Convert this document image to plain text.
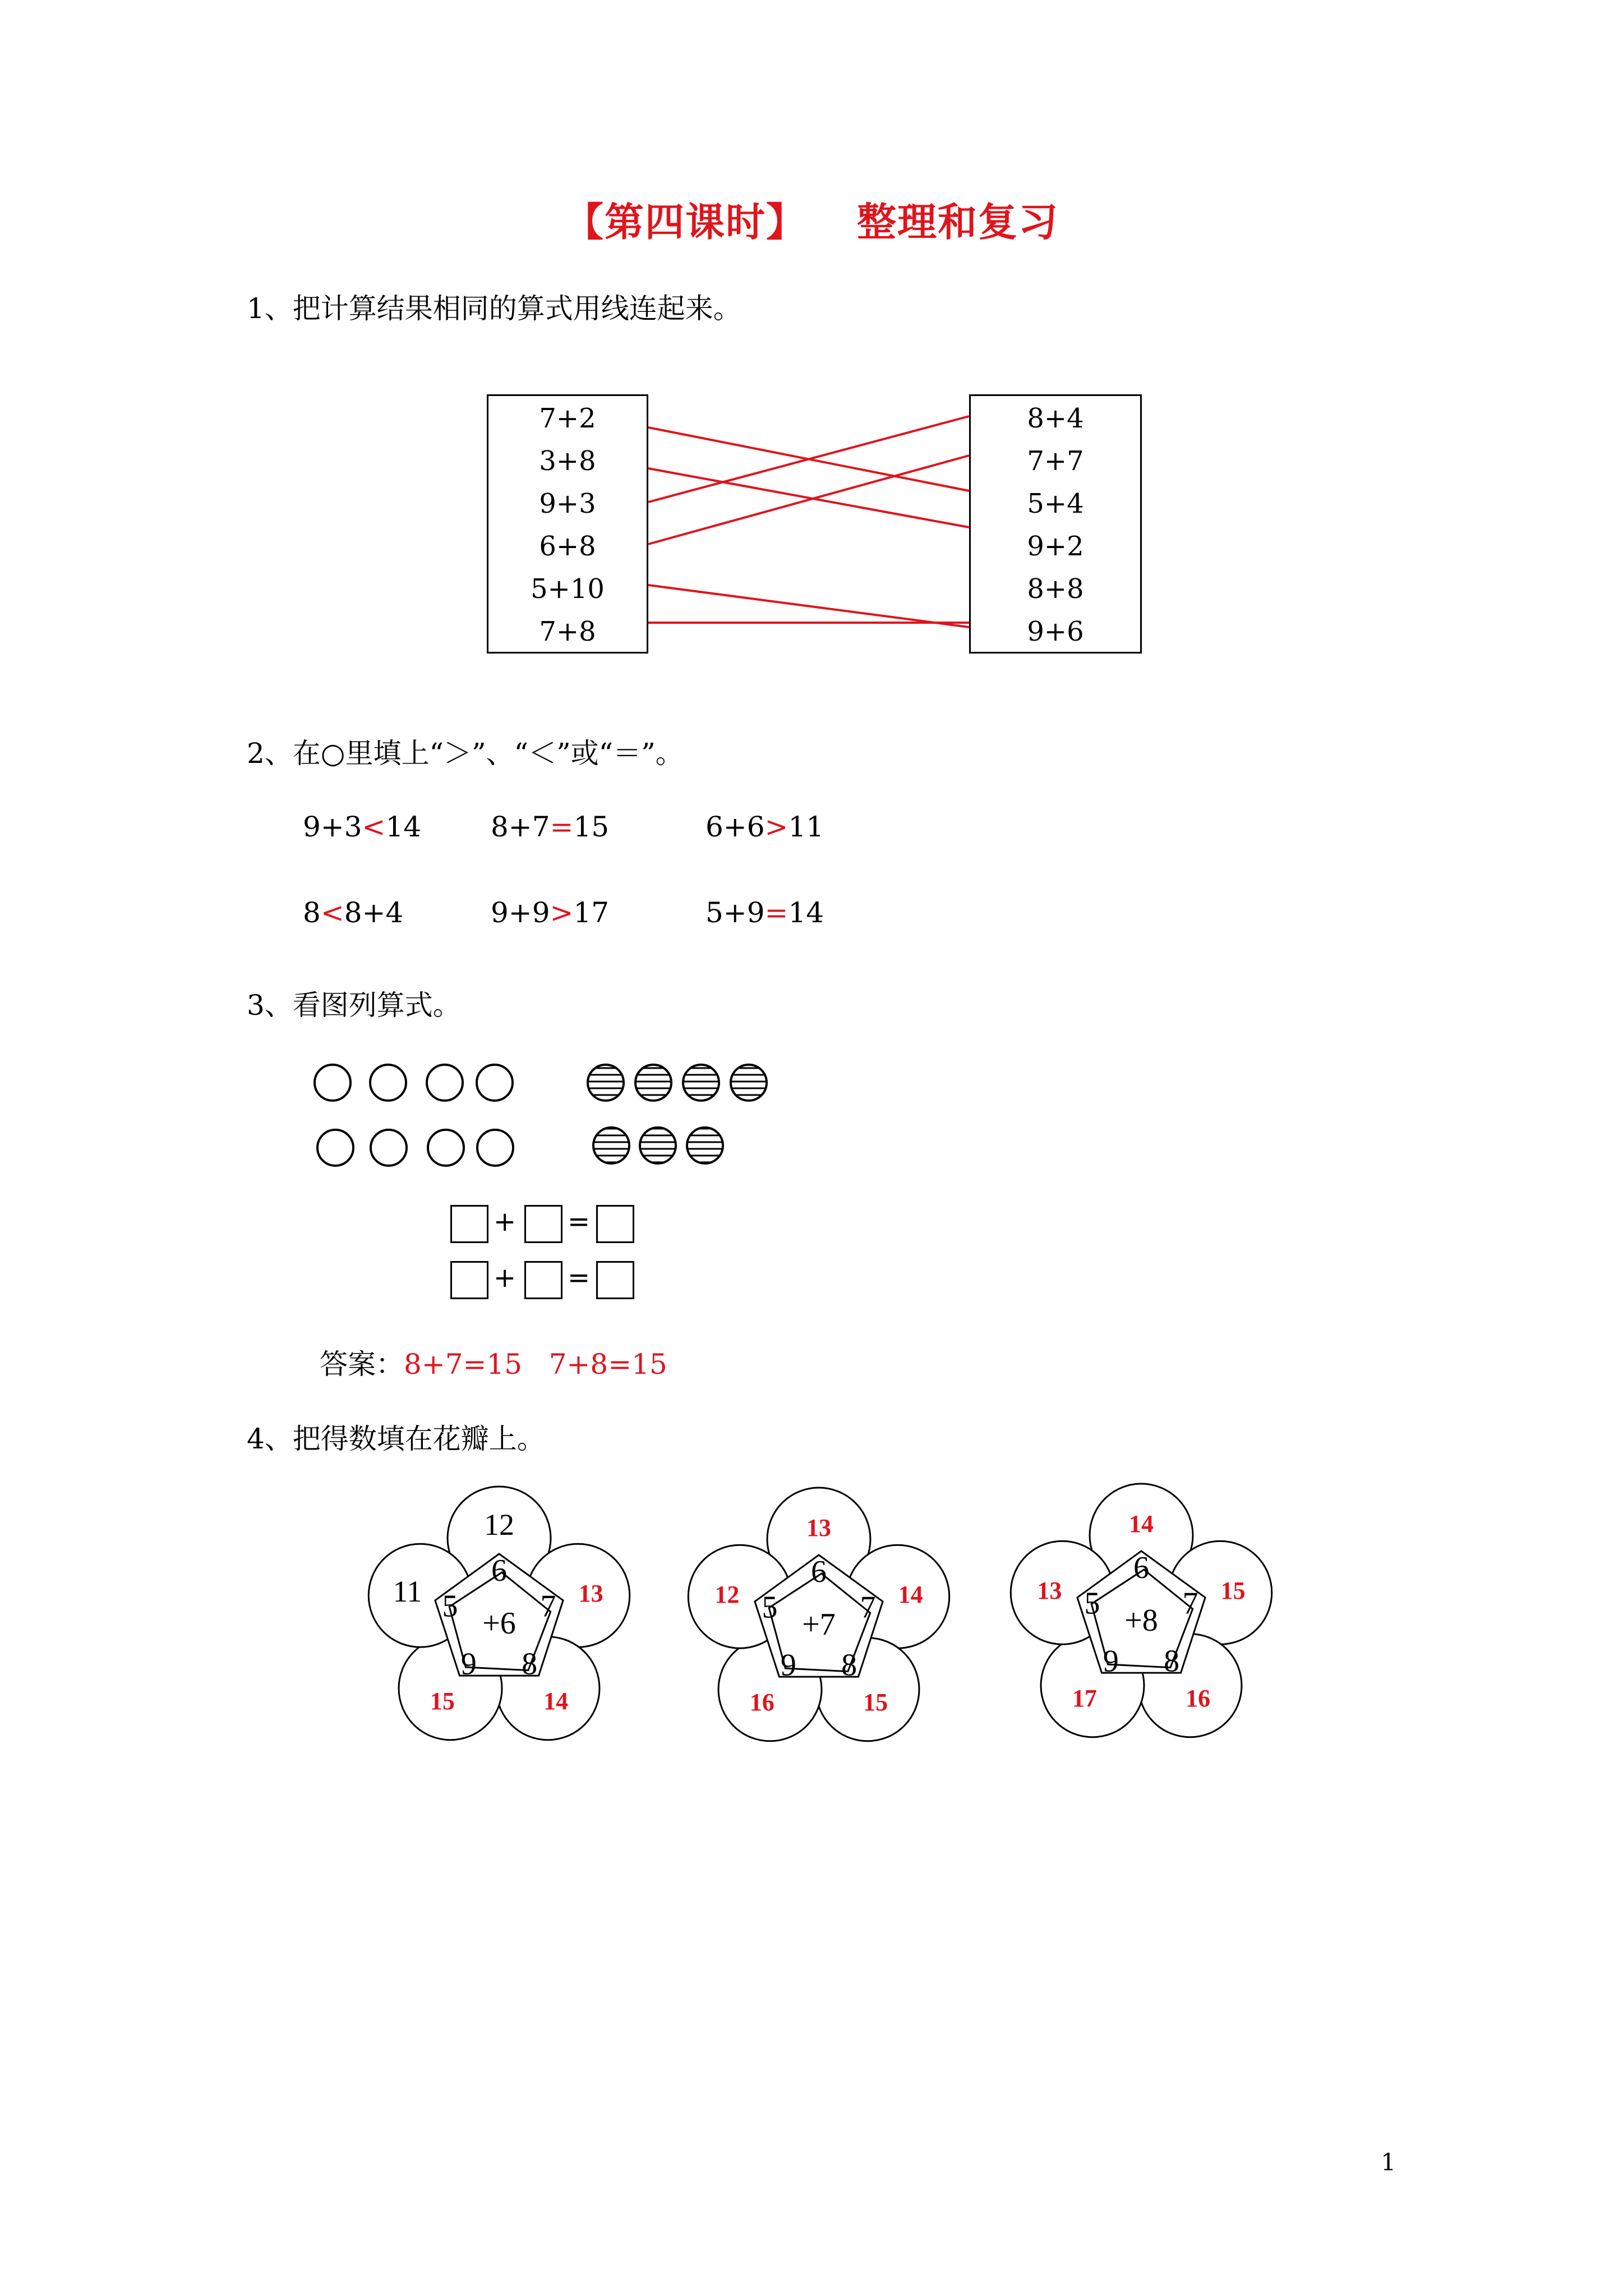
【第四课时】 整理和复习
1、把计算结果相同的算式用线连起来。
7+2
3+8
9+3
6+8
5+10
7+8
8+4
7+7
5+4
9+2
8+8
9+6
2、在○里填上“＞”、“＜”或“＝”。
9+3<14 8+7=15	6+6>11
8<8+4	9+9>17	5+9=14
3、看图列算式。
+ =
+ =
答案：8+7=15   7+8=15
4、把得数填在花瓣上。
+6
6
7
8
9
5
12
13
14
15
11
+7
6
7
8
9
5
13
14
15
16
12
+8
6
7
8
9
5
14
15
16
17
13
1
